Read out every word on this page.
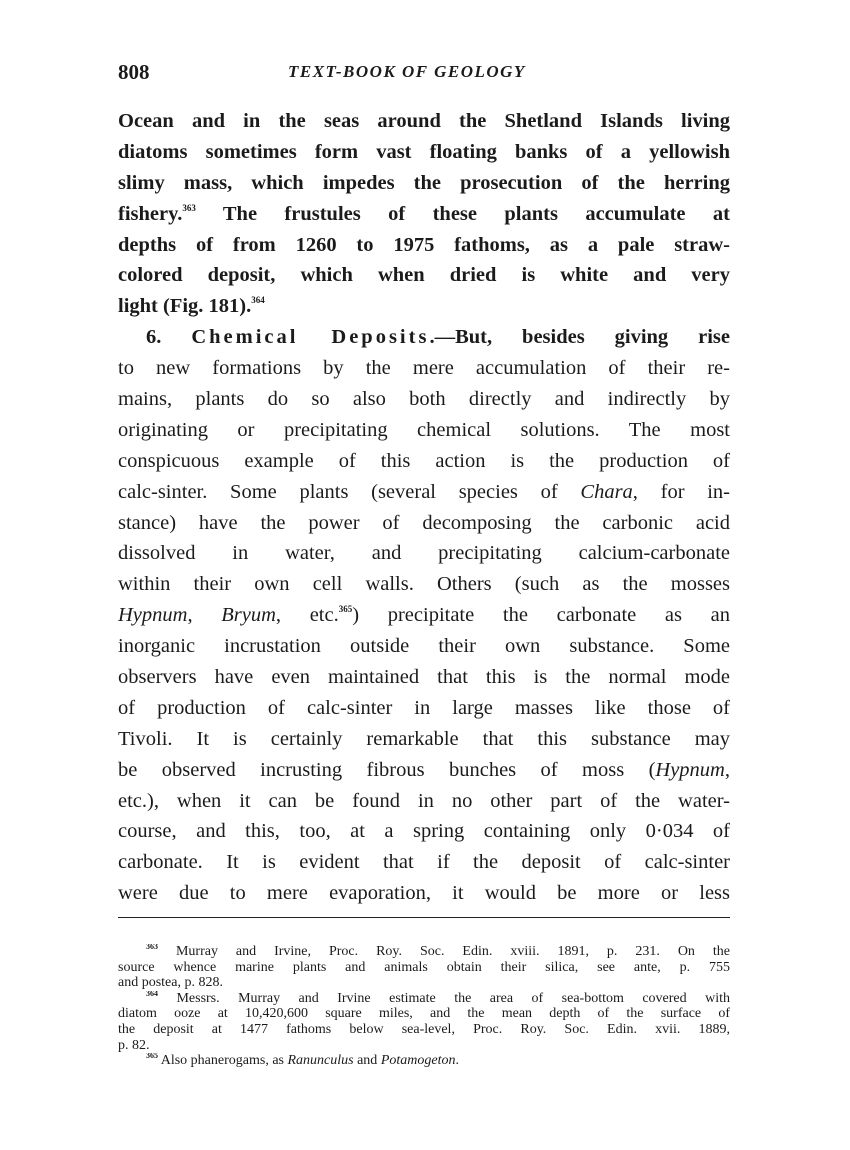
808	TEXT-BOOK OF GEOLOGY
Ocean and in the seas around the Shetland Islands living
diatoms sometimes form vast floating banks of a yellowish
slimy mass, which impedes the prosecution of the herring
fishery.$^{363}$ The frustules of these plants accumulate at
depths of from 1260 to 1975 fathoms, as a pale straw-
colored deposit, which when dried is white and very
light (Fig. 181).$^{364}$
6. Chemical Deposits.—But, besides giving rise
to new formations by the mere accumulation of their re-
mains, plants do so also both directly and indirectly by
originating or precipitating chemical solutions. The most
conspicuous example of this action is the production of
calc-sinter. Some plants (several species of Chara, for in-
stance) have the power of decomposing the carbonic acid
dissolved in water, and precipitating calcium-carbonate
within their own cell walls. Others (such as the mosses
Hypnum, Bryum, etc.$^{365}$) precipitate the carbonate as an
inorganic incrustation outside their own substance. Some
observers have even maintained that this is the normal mode
of production of calc-sinter in large masses like those of
Tivoli. It is certainly remarkable that this substance may
be observed incrusting fibrous bunches of moss (Hypnum,
etc.), when it can be found in no other part of the water-
course, and this, too, at a spring containing only 0·034 of
carbonate. It is evident that if the deposit of calc-sinter
were due to mere evaporation, it would be more or less
$^{363}$ Murray and Irvine, Proc. Roy. Soc. Edin. xviii. 1891, p. 231. On the
source whence marine plants and animals obtain their silica, see ante, p. 755
and postea, p. 828.
$^{364}$ Messrs. Murray and Irvine estimate the area of sea-bottom covered with
diatom ooze at 10,420,600 square miles, and the mean depth of the surface of
the deposit at 1477 fathoms below sea-level, Proc. Roy. Soc. Edin. xvii. 1889,
p. 82.
$^{365}$ Also phanerogams, as Ranunculus and Potamogeton.
